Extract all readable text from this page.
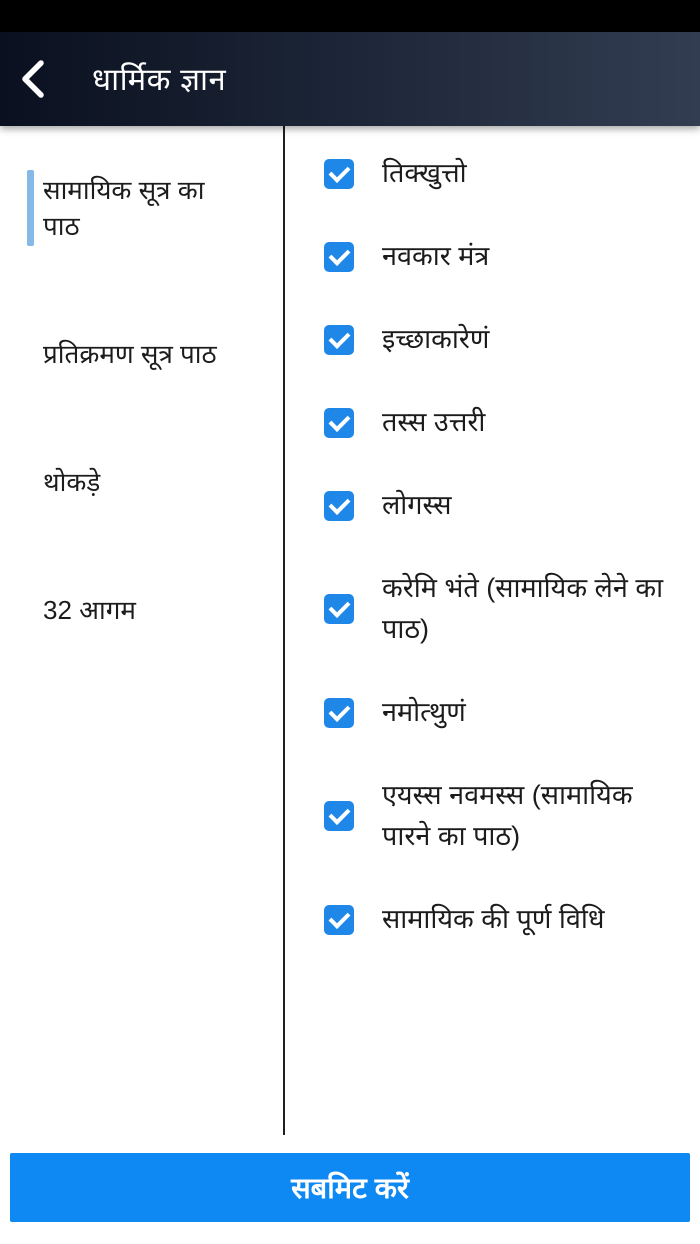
धार्मिक ज्ञान
सामायिक सूत्र का पाठ
प्रतिक्रमण सूत्र पाठ
थोकड़े
32 आगम
तिक्खुत्तो
नवकार मंत्र
इच्छाकारेणं
तस्स उत्तरी
लोगस्स
करेमि भंते (सामायिक लेने का पाठ)
नमोत्थुणं
एयस्स नवमस्स (सामायिक पारने का पाठ)
सामायिक की पूर्ण विधि
सबमिट करें
